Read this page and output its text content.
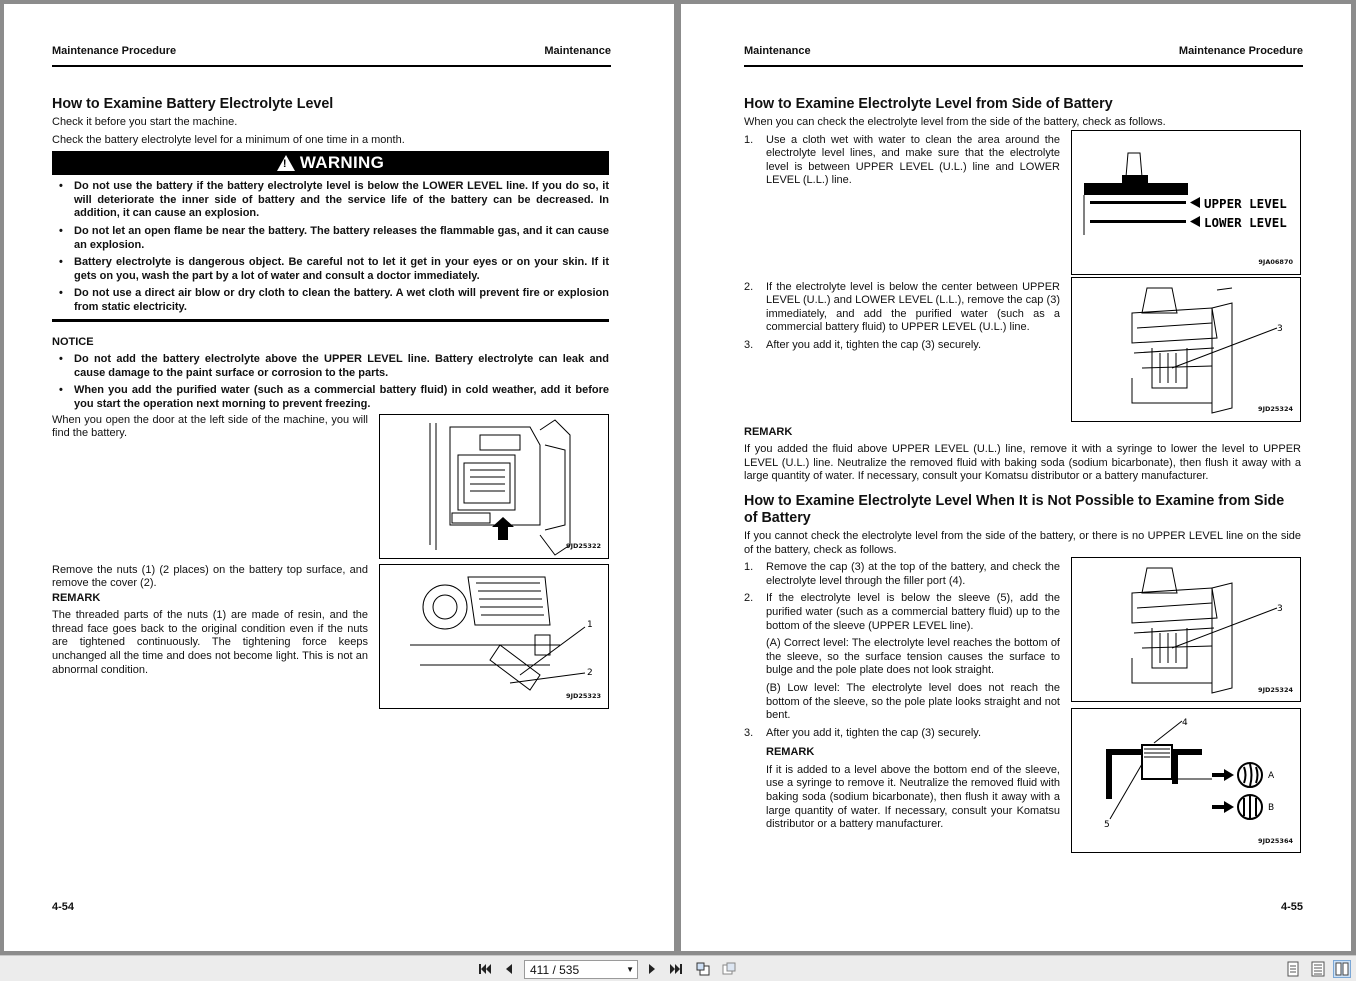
Maintenance Procedure	Maintenance
How to Examine Battery Electrolyte Level

Check it before you start the machine.

Check the battery electrolyte level for a minimum of one time in a month.

! WARNING
• Do not use the battery if the battery electrolyte level is below the LOWER LEVEL line. If you do so, it will deteriorate the inner side of battery and the service life of the battery can be decreased. In addition, it can cause an explosion.
• Do not let an open flame be near the battery. The battery releases the flammable gas, and it can cause an explosion.
• Battery electrolyte is dangerous object. Be careful not to let it get in your eyes or on your skin. If it gets on you, wash the part by a lot of water and consult a doctor immediately.
• Do not use a direct air blow or dry cloth to clean the battery. A wet cloth will prevent fire or explosion from static electricity.
NOTICE
• Do not add the battery electrolyte above the UPPER LEVEL line. Battery electrolyte can leak and cause damage to the paint surface or corrosion to the parts.
• When you add the purified water (such as a commercial battery fluid) in cold weather, add it before you start the operation next morning to prevent freezing.
When you open the door at the left side of the machine, you will find the battery.
9JD25322

Remove the nuts (1) (2 places) on the battery top surface, and remove the cover (2).

REMARK

The threaded parts of the nuts (1) are made of resin, and the thread face goes back to the original condition even if the nuts are tightened continuously. The tightening force keeps unchanged all the time and does not become light. This is not an abnormal condition.

1
2
9JD25323
4-54
Maintenance	Maintenance Procedure
How to Examine Electrolyte Level from Side of Battery

When you can check the electrolyte level from the side of the battery, check as follows.

1. Use a cloth wet with water to clean the area around the electrolyte level lines, and make sure that the electrolyte level is between UPPER LEVEL (U.L.) line and LOWER LEVEL (L.L.) line.
UPPER LEVEL
LOWER LEVEL
9JA06870
2. If the electrolyte level is below the center between UPPER LEVEL (U.L.) and LOWER LEVEL (L.L.), remove the cap (3) immediately, and add the purified water (such as a commercial battery fluid) to UPPER LEVEL (U.L.) line.
3. After you add it, tighten the cap (3) securely.
3
9JD25324
REMARK

If you added the fluid above UPPER LEVEL (U.L.) line, remove it with a syringe to lower the level to UPPER LEVEL (U.L.) line. Neutralize the removed fluid with baking soda (sodium bicarbonate), then flush it away with a large quantity of water. If necessary, consult your Komatsu distributor or a battery manufacturer.

How to Examine Electrolyte Level When It is Not Possible to Examine from Side of Battery

If you cannot check the electrolyte level from the side of the battery, or there is no UPPER LEVEL line on the side of the battery, check as follows.

1. Remove the cap (3) at the top of the battery, and check the electrolyte level through the filler port (4).
2. If the electrolyte level is below the sleeve (5), add the purified water (such as a commercial battery fluid) up to the bottom of the sleeve (UPPER LEVEL line).

(A) Correct level: The electrolyte level reaches the bottom of the sleeve, so the surface tension causes the surface to bulge and the pole plate does not look straight.

(B) Low level: The electrolyte level does not reach the bottom of the sleeve, so the pole plate looks straight and not bent.

3. After you add it, tighten the cap (3) securely.
REMARK

If it is added to a level above the bottom end of the sleeve, use a syringe to remove it. Neutralize the removed fluid with baking soda (sodium bicarbonate), then flush it away with a large quantity of water. If necessary, consult your Komatsu distributor or a battery manufacturer.

3
9JD25324
4
5
A
B
9JD25364
4-55
411 / 535	▼
